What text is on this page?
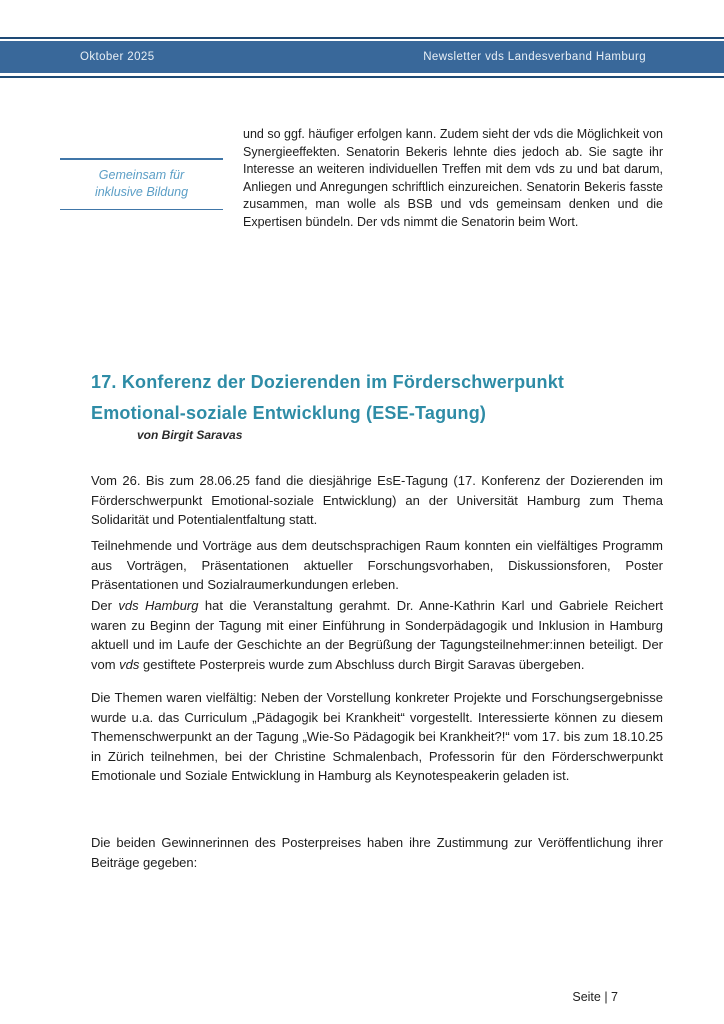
Oktober 2025	Newsletter vds Landesverband Hamburg
Gemeinsam für
inklusive Bildung

und so ggf. häufiger erfolgen kann. Zudem sieht der vds die Möglichkeit von Synergieeffekten. Senatorin Bekeris lehnte dies jedoch ab. Sie sagte ihr Interesse an weiteren individuellen Treffen mit dem vds zu und bat darum, Anliegen und Anregungen schriftlich einzureichen. Senatorin Bekeris fasste zusammen, man wolle als BSB und vds gemeinsam denken und die Expertisen bündeln. Der vds nimmt die Senatorin beim Wort.

17. Konferenz der Dozierenden im Förderschwerpunkt
Emotional-soziale Entwicklung (ESE-Tagung)
von Birgit Saravas

Vom 26. Bis zum 28.06.25 fand die diesjährige EsE-Tagung (17. Konferenz der Dozierenden im Förderschwerpunkt Emotional-soziale Entwicklung) an der Universität Hamburg zum Thema Solidarität und Potentialentfaltung statt.

Teilnehmende und Vorträge aus dem deutschsprachigen Raum konnten ein vielfältiges Programm aus Vorträgen, Präsentationen aktueller Forschungsvorhaben, Diskussionsforen, Poster Präsentationen und Sozialraumerkundungen erleben.

Der vds Hamburg hat die Veranstaltung gerahmt. Dr. Anne-Kathrin Karl und Gabriele Reichert waren zu Beginn der Tagung mit einer Einführung in Sonderpädagogik und Inklusion in Hamburg aktuell und im Laufe der Geschichte an der Begrüßung der Tagungsteilnehmer:innen beteiligt. Der vom vds gestiftete Posterpreis wurde zum Abschluss durch Birgit Saravas übergeben.

Die Themen waren vielfältig: Neben der Vorstellung konkreter Projekte und Forschungsergebnisse wurde u.a. das Curriculum „Pädagogik bei Krankheit“ vorgestellt. Interessierte können zu diesem Themenschwerpunkt an der Tagung „Wie-So Pädagogik bei Krankheit?!“ vom 17. bis zum 18.10.25 in Zürich teilnehmen, bei der Christine Schmalenbach, Professorin für den Förderschwerpunkt Emotionale und Soziale Entwicklung in Hamburg als Keynotespeakerin geladen ist.

Die beiden Gewinnerinnen des Posterpreises haben ihre Zustimmung zur Veröffentlichung ihrer Beiträge gegeben:

Seite | 7
